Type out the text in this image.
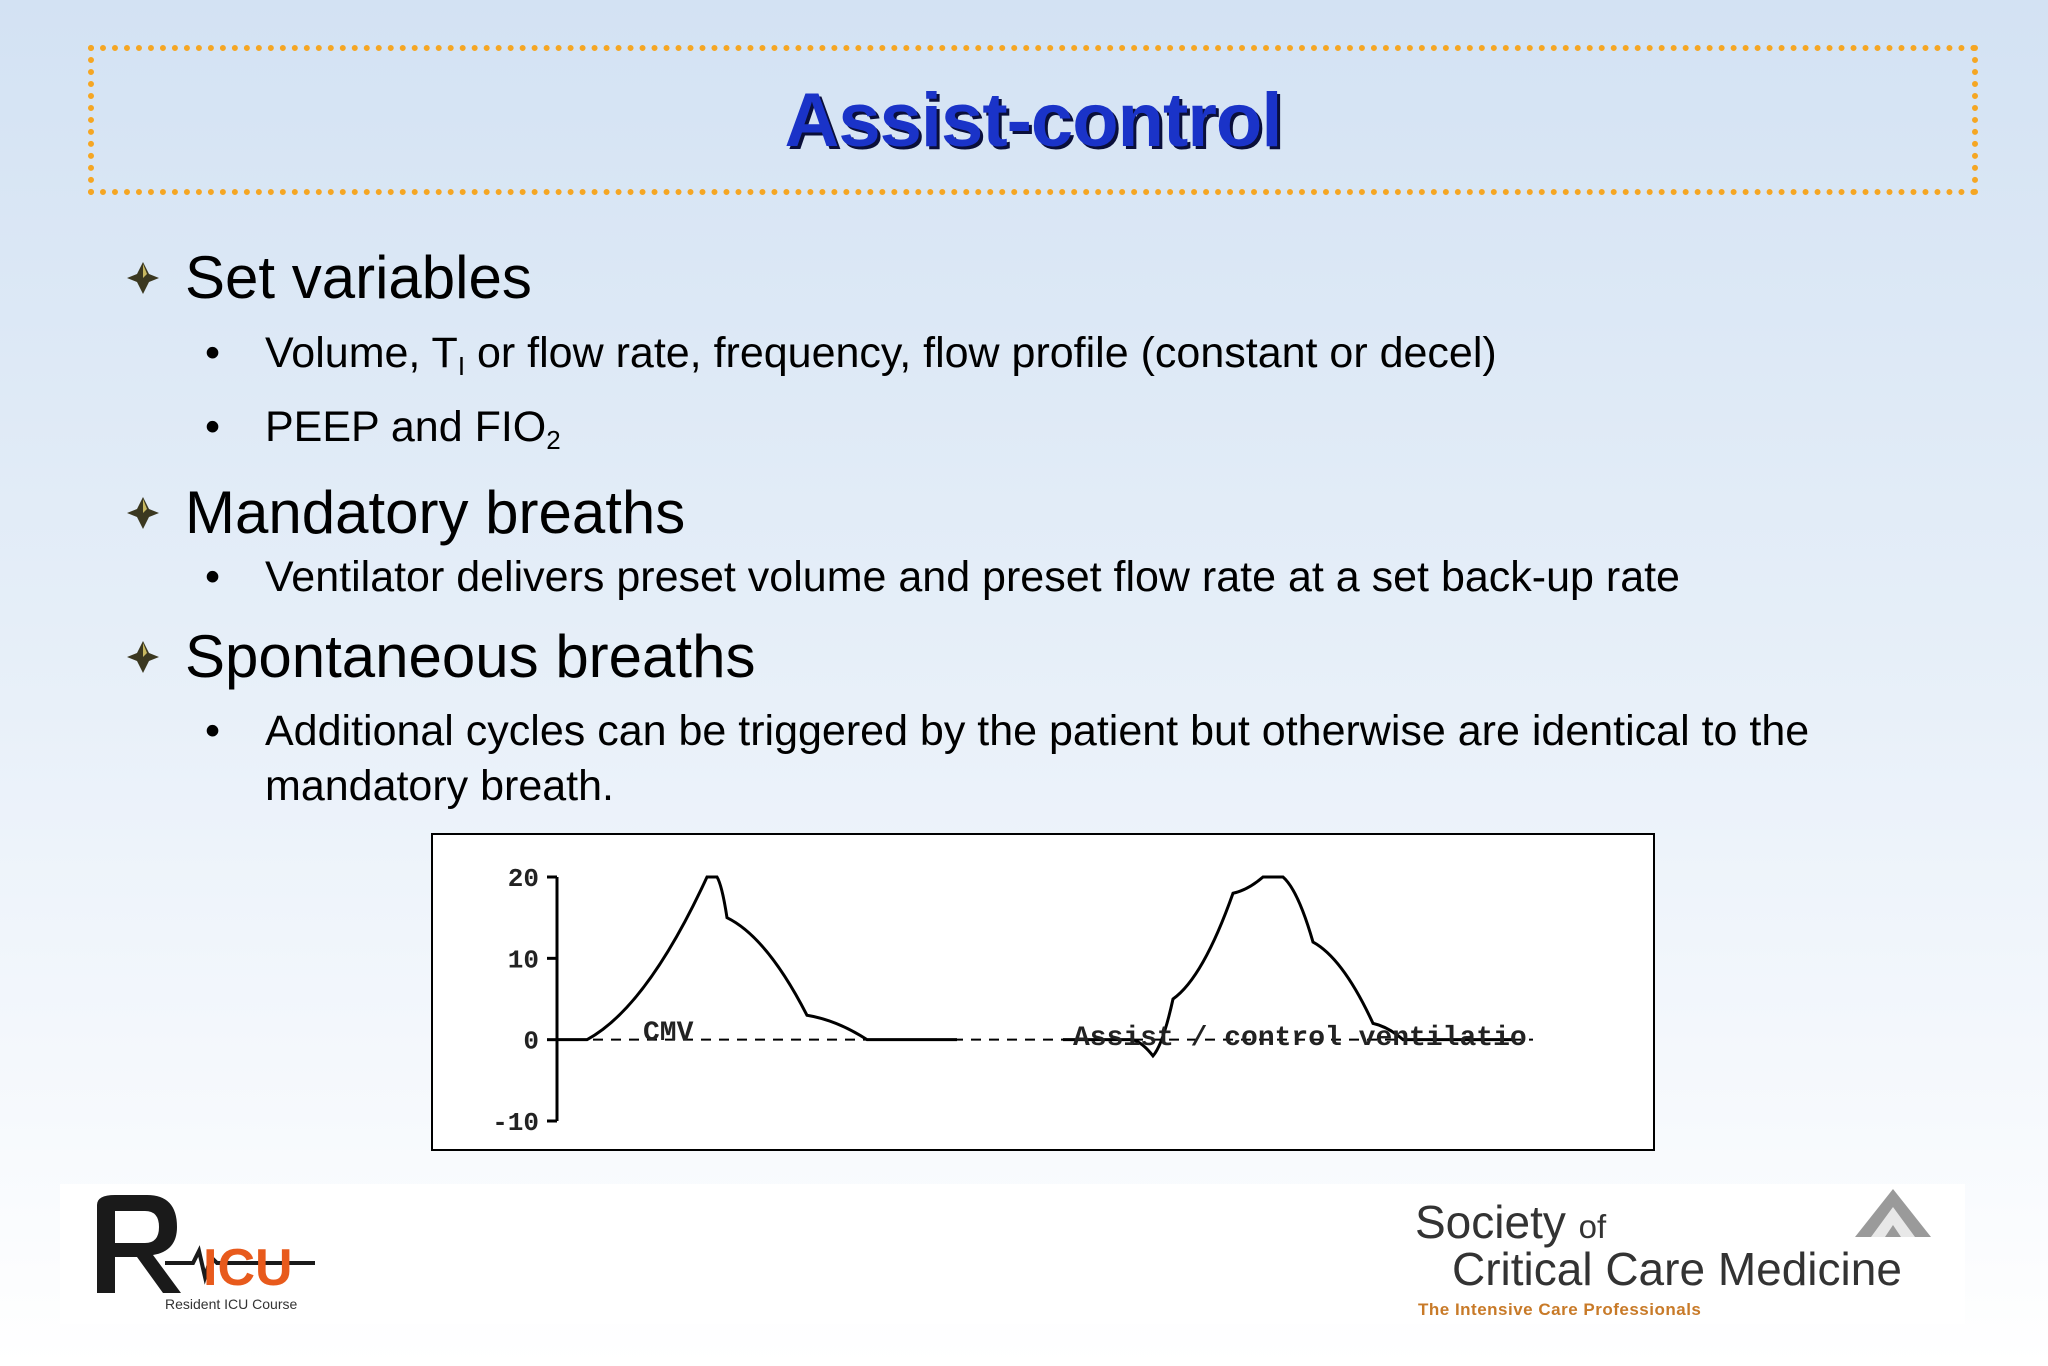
Assist-control
Set variables
•	Volume, $T_I$ or flow rate, frequency, flow profile (constant or decel)
•	PEEP and $FIO_2$
Mandatory breaths
•	Ventilator delivers preset volume and preset flow rate at a set back-up rate
Spontaneous breaths
•	Additional cycles can be triggered by the patient but otherwise are identical to the
mandatory breath.
20
10
0
-10
CMV	Assist / control ventilatio
ICU
Resident ICU Course
Society of
Critical Care Medicine
The Intensive Care Professionals
